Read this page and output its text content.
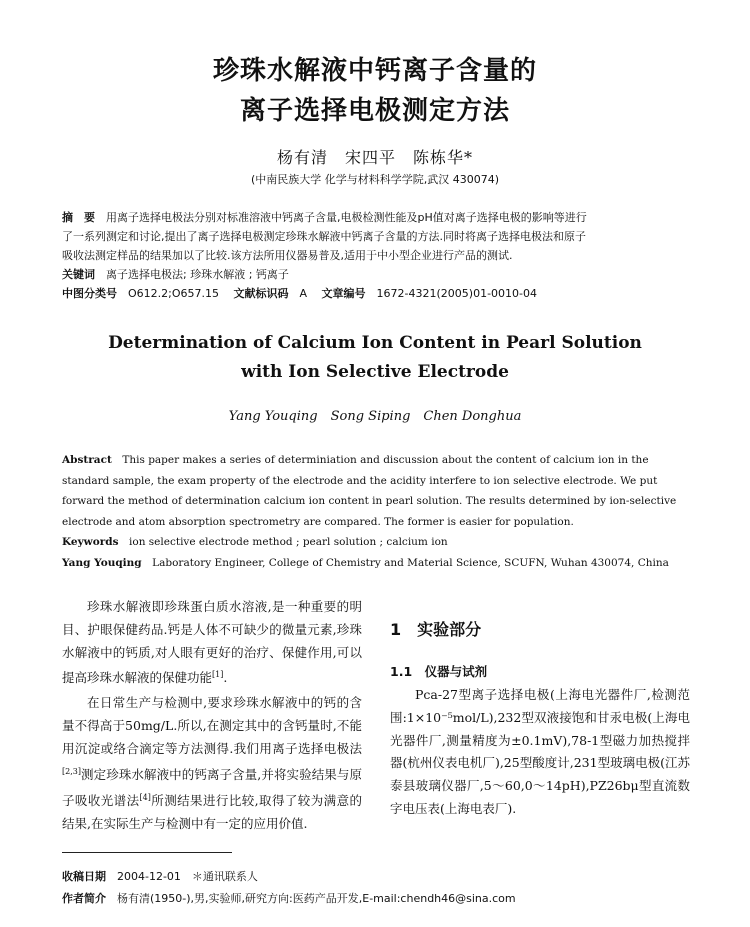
珍珠水解液中钙离子含量的
离子选择电极测定方法
杨有清　宋四平　陈栋华*
(中南民族大学 化学与材料科学学院,武汉 430074)
摘　要　 用离子选择电极法分别对标准溶液中钙离子含量,电极检测性能及pH值对离子选择电极的影响等进行
了一系列测定和讨论,提出了离子选择电极测定珍珠水解液中钙离子含量的方法.同时将离子选择电极法和原子
吸收法测定样品的结果加以了比较.该方法所用仪器易普及,适用于中小型企业进行产品的测试.
关键词　 离子选择电极法; 珍珠水解液 ; 钙离子
中图分类号　 O612.2;O657.15　 文献标识码　 A　 文章编号　 1672-4321(2005)01-0010-04
Determination of Calcium Ion Content in Pearl Solution
with Ion Selective Electrode
Yang Youqing　Song Siping　Chen Donghua
Abstract　 This paper makes a series of determiniation and discussion about the content of calcium ion in the
standard sample, the exam property of the electrode and the acidity interfere to ion selective electrode. We put
forward the method of determination calcium ion content in pearl solution. The results determined by ion-selective
electrode and atom absorption spectrometry are compared. The former is easier for population.
Keywords　 ion selective electrode method ; pearl solution ; calcium ion
Yang Youqing　 Laboratory Engineer, College of Chemistry and Material Science, SCUFN, Wuhan 430074, China

珍珠水解液即珍珠蛋白质水溶液,是一种重要的明目、护眼保健药品.钙是人体不可缺少的微量元素,珍珠水解液中的钙质,对人眼有更好的治疗、保健作用,可以提高珍珠水解液的保健功能[1].

在日常生产与检测中,要求珍珠水解液中的钙的含量不得高于50mg/L.所以,在测定其中的含钙量时,不能用沉淀或络合滴定等方法测得.我们用离子选择电极法[2,3]测定珍珠水解液中的钙离子含量,并将实验结果与原子吸收光谱法[4]所测结果进行比较,取得了较为满意的结果,在实际生产与检测中有一定的应用价值.

1　实验部分
1.1　仪器与试剂

Pca-27型离子选择电极(上海电光器件厂,检测范围:1×10⁻⁵mol/L),232型双液接饱和甘汞电极(上海电光器件厂,测量精度为±0.1mV),78-1型磁力加热搅拌器(杭州仪表电机厂),25型酸度计,231型玻璃电极(江苏泰县玻璃仪器厂,5～60,0～14pH),PZ26bμ型直流数字电压表(上海电表厂).

收稿日期　 2004-12-01　＊通讯联系人
作者简介　 杨有清(1950-),男,实验师,研究方向:医药产品开发,E-mail:chendh46@sina.com
